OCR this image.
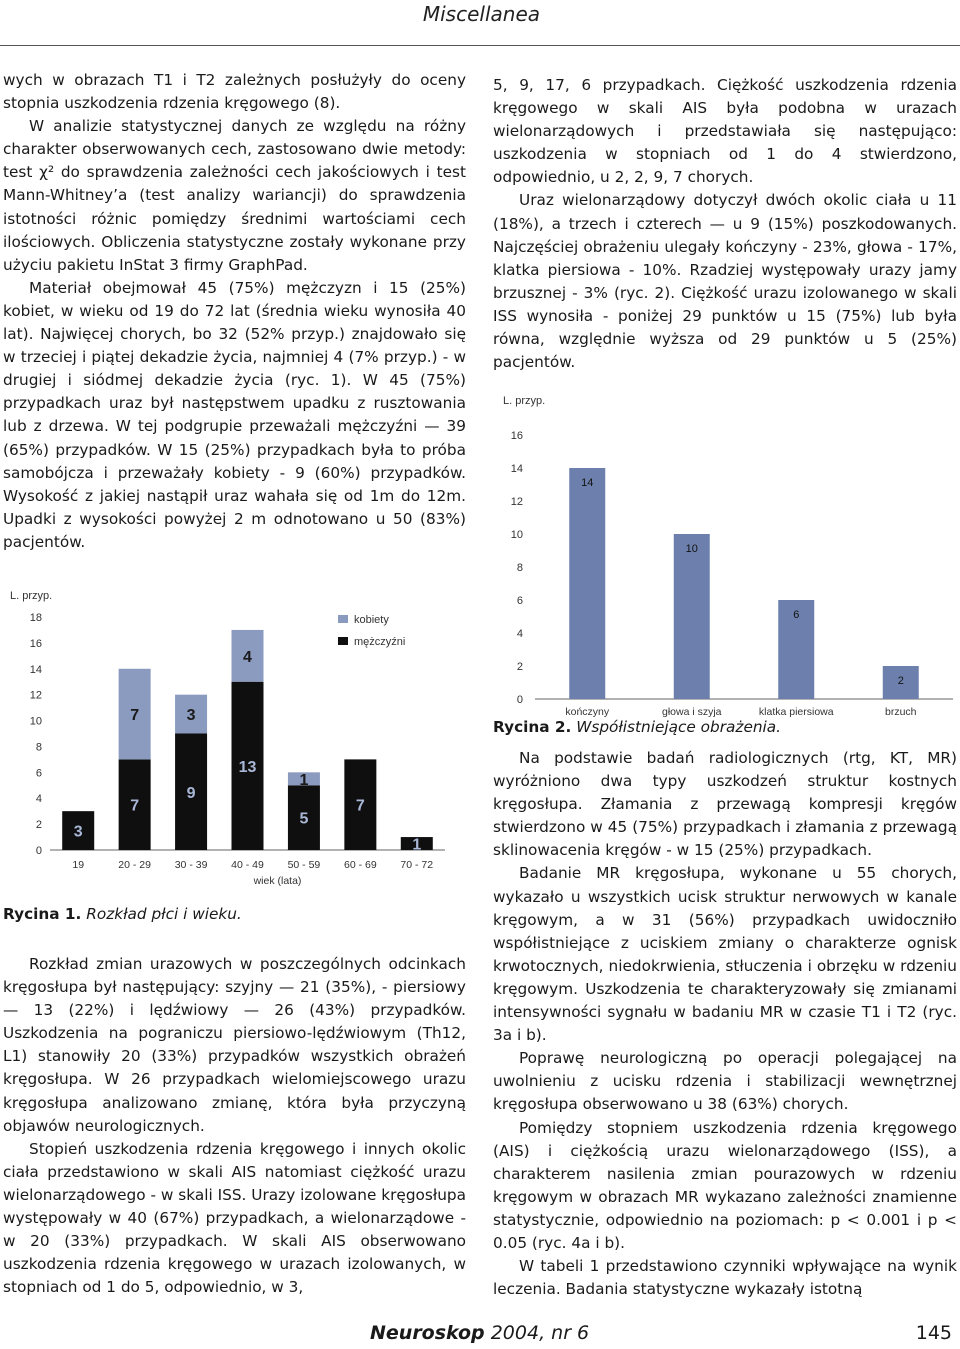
Miscellanea

wych w obrazach T1 i T2 zależnych posłużyły do oceny stopnia uszkodzenia rdzenia kręgowego (8).

W analizie statystycznej danych ze względu na różny charakter obserwowanych cech, zastosowano dwie metody: test χ² do sprawdzenia zależności cech jakościowych i test Mann-Whitney’a (test analizy wariancji) do sprawdzenia istotności różnic pomiędzy średnimi wartościami cech ilościowych. Obliczenia statystyczne zostały wykonane przy użyciu pakietu InStat 3 firmy GraphPad.

Materiał obejmował 45 (75%) mężczyzn i 15 (25%) kobiet, w wieku od 19 do 72 lat (średnia wieku wynosiła 40 lat). Najwięcej chorych, bo 32 (52% przyp.) znajdowało się w trzeciej i piątej dekadzie życia, najmniej 4 (7% przyp.) - w drugiej i siódmej dekadzie życia (ryc. 1). W 45 (75%) przypadkach uraz był następstwem upadku z rusztowania lub z drzewa. W tej podgrupie przeważali mężczyźni — 39 (65%) przypadków. W 15 (25%) przypadkach była to próba samobójcza i przeważały kobiety - 9 (60%) przypadków. Wysokość z jakiej nastąpił uraz wahała się od 1m do 12m. Upadki z wysokości powyżej 2 m odnotowano u 50 (83%) pacjentów.

L. przyp.
0
2
4
6
8
10
12
14
16
18
3
19
7
7
20 - 29
9
3
30 - 39
13
4
40 - 49
5
1
50 - 59
7
60 - 69
1
70 - 72
wiek (lata)
kobiety
mężczyźni
Rycina 1. Rozkład płci i wieku.

Rozkład zmian urazowych w poszczególnych odcinkach kręgosłupa był następujący: szyjny — 21 (35%), - piersiowy — 13 (22%) i lędźwiowy — 26 (43%) przypadków. Uszkodzenia na pograniczu piersiowo-lędźwiowym (Th12, L1) stanowiły 20 (33%) przypadków wszystkich obrażeń kręgosłupa. W 26 przypadkach wielomiejscowego urazu kręgosłupa analizowano zmianę, która była przyczyną objawów neurologicznych.

Stopień uszkodzenia rdzenia kręgowego i innych okolic ciała przedstawiono w skali AIS natomiast ciężkość urazu wielonarządowego - w skali ISS. Urazy izolowane kręgosłupa występowały w 40 (67%) przypadkach, a wielonarządowe - w 20 (33%) przypadkach. W skali AIS obserwowano uszkodzenia rdzenia kręgowego w urazach izolowanych, w stopniach od 1 do 5, odpowiednio, w 3,

5, 9, 17, 6 przypadkach. Ciężkość uszkodzenia rdzenia kręgowego w skali AIS była podobna w urazach wielonarządowych i przedstawiała się następująco: uszkodzenia w stopniach od 1 do 4 stwierdzono, odpowiednio, u 2, 2, 9, 7 chorych.

Uraz wielonarządowy dotyczył dwóch okolic ciała u 11 (18%), a trzech i czterech — u 9 (15%) poszkodowanych. Najczęściej obrażeniu ulegały kończyny - 23%, głowa - 17%, klatka piersiowa - 10%. Rzadziej występowały urazy jamy brzusznej - 3% (ryc. 2). Ciężkość urazu izolowanego w skali ISS wynosiła - poniżej 29 punktów u 15 (75%) lub była równa, względnie wyższa od 29 punktów u 5 (25%) pacjentów.

L. przyp.
0
2
4
6
8
10
12
14
16
14
kończyny
10
głowa i szyja
6
klatka piersiowa
2
brzuch
Rycina 2. Współistniejące obrażenia.

Na podstawie badań radiologicznych (rtg, KT, MR) wyróżniono dwa typy uszkodzeń struktur kostnych kręgosłupa. Złamania z przewagą kompresji kręgów stwierdzono w 45 (75%) przypadkach i złamania z przewagą sklinowacenia kręgów - w 15 (25%) przypadkach.

Badanie MR kręgosłupa, wykonane u 55 chorych, wykazało u wszystkich ucisk struktur nerwowych w kanale kręgowym, a w 31 (56%) przypadkach uwidoczniło współistniejące z uciskiem zmiany o charakterze ognisk krwotocznych, niedokrwienia, stłuczenia i obrzęku w rdzeniu kręgowym. Uszkodzenia te charakteryzowały się zmianami intensywności sygnału w badaniu MR w czasie T1 i T2 (ryc. 3a i b).

Poprawę neurologiczną po operacji polegającej na uwolnieniu z ucisku rdzenia i stabilizacji wewnętrznej kręgosłupa obserwowano u 38 (63%) chorych.

Pomiędzy stopniem uszkodzenia rdzenia kręgowego (AIS) i ciężkością urazu wielonarządowego (ISS), a charakterem nasilenia zmian pourazowych w rdzeniu kręgowym w obrazach MR wykazano zależności znamienne statystycznie, odpowiednio na poziomach: p < 0.001 i p < 0.05 (ryc. 4a i b).

W tabeli 1 przedstawiono czynniki wpływające na wynik leczenia. Badania statystyczne wykazały istotną

Neuroskop 2004, nr 6	145
